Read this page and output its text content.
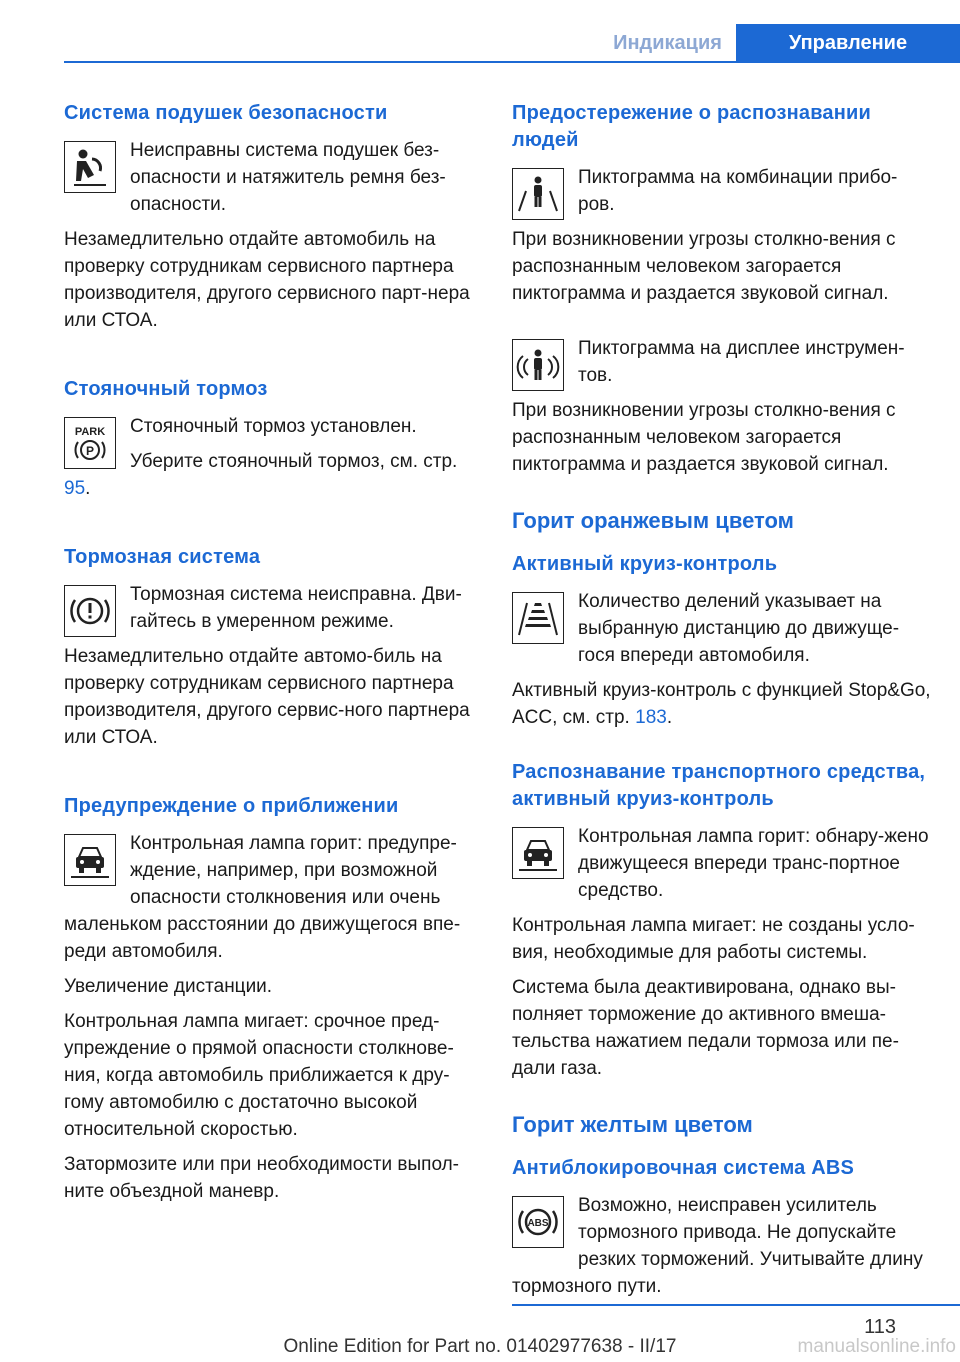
Индикация	Управление
Система подушек безопасности

Неисправны система подушек без-опасности и натяжитель ремня без-опасности.

Незамедлительно отдайте автомобиль на проверку сотрудникам сервисного партнера производителя, другого сервисного парт-нера или СТОА.

Стояночный тормоз
PARK
P

Стояночный тормоз установлен.

Уберите стояночный тормоз, см. стр. 95.

Тормозная система

Тормозная система неисправна. Дви-гайтесь в умеренном режиме.

Незамедлительно отдайте автомо-биль на проверку сотрудникам сервисного партнера производителя, другого сервис-ного партнера или СТОА.

Предупреждение о приближении

Контрольная лампа горит: предупре-ждение, например, при возможной опасности столкновения или очень маленьком расстоянии до движущегося впе-реди автомобиля.

Увеличение дистанции.

Контрольная лампа мигает: срочное пред-упреждение о прямой опасности столкнове-ния, когда автомобиль приближается к дру-гому автомобилю с достаточно высокой относительной скоростью.

Затормозите или при необходимости выпол-ните объездной маневр.

Предостережение о распознавании людей

Пиктограмма на комбинации прибо-ров.

При возникновении угрозы столкно-вения с распознанным человеком загорается пиктограмма и раздается звуковой сигнал.

Пиктограмма на дисплее инструмен-тов.

При возникновении угрозы столкно-вения с распознанным человеком загорается пиктограмма и раздается звуковой сигнал.

Горит оранжевым цветом
Активный круиз-контроль

Количество делений указывает на выбранную дистанцию до движуще-гося впереди автомобиля.

Активный круиз-контроль с функцией Stop&Go, ACC, см. стр. 183.

Распознавание транспортного средства, активный круиз-контроль

Контрольная лампа горит: обнару-жено движущееся впереди транс-портное средство.

Контрольная лампа мигает: не созданы усло-вия, необходимые для работы системы.

Система была деактивирована, однако вы-полняет торможение до активного вмеша-тельства нажатием педали тормоза или пе-дали газа.

Горит желтым цветом
Антиблокировочная система ABS
ABS

Возможно, неисправен усилитель тормозного привода. Не допускайте резких торможений. Учитывайте длину тормозного пути.

113
Online Edition for Part no. 01402977638 - II/17	manualsonline.info
